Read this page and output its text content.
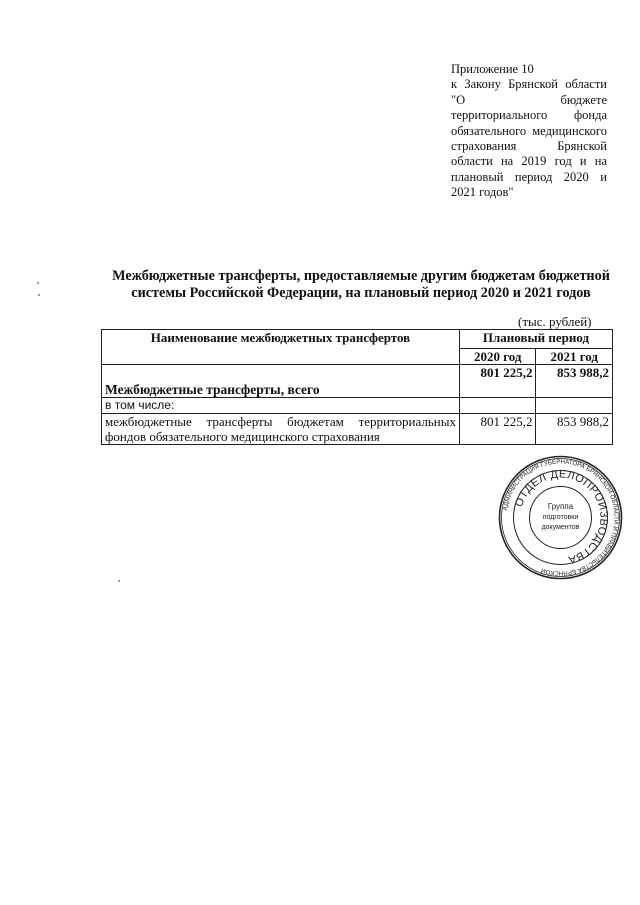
Приложение 10
к Закону Брянской области
"О бюджете
территориального фонда
обязательного медицинского
страхования Брянской
области на 2019 год и на
плановый период 2020 и
2021 годов"
Межбюджетные трансферты, предоставляемые другим бюджетам бюджетной
системы Российской Федерации, на плановый период 2020 и 2021 годов
(тыс. рублей)
Наименование межбюджетных трансфертов	Плановый период	
	2020 год	2021 год
Межбюджетные трансферты, всего	801 225,2	853 988,2
в том числе:		
межбюджетные трансферты бюджетам территориальных фондов обязательного медицинского страхования	801 225,2	853 988,2
АДМИНИСТРАЦИЯ ГУБЕРНАТОРА БРЯНСКОЙ ОБЛАСТИ И ПРАВИТЕЛЬСТВА БРЯНСКОЙ
ОТДЕЛ ДЕЛОПРОИЗВОДСТВА
Группа
подготовки
документов
